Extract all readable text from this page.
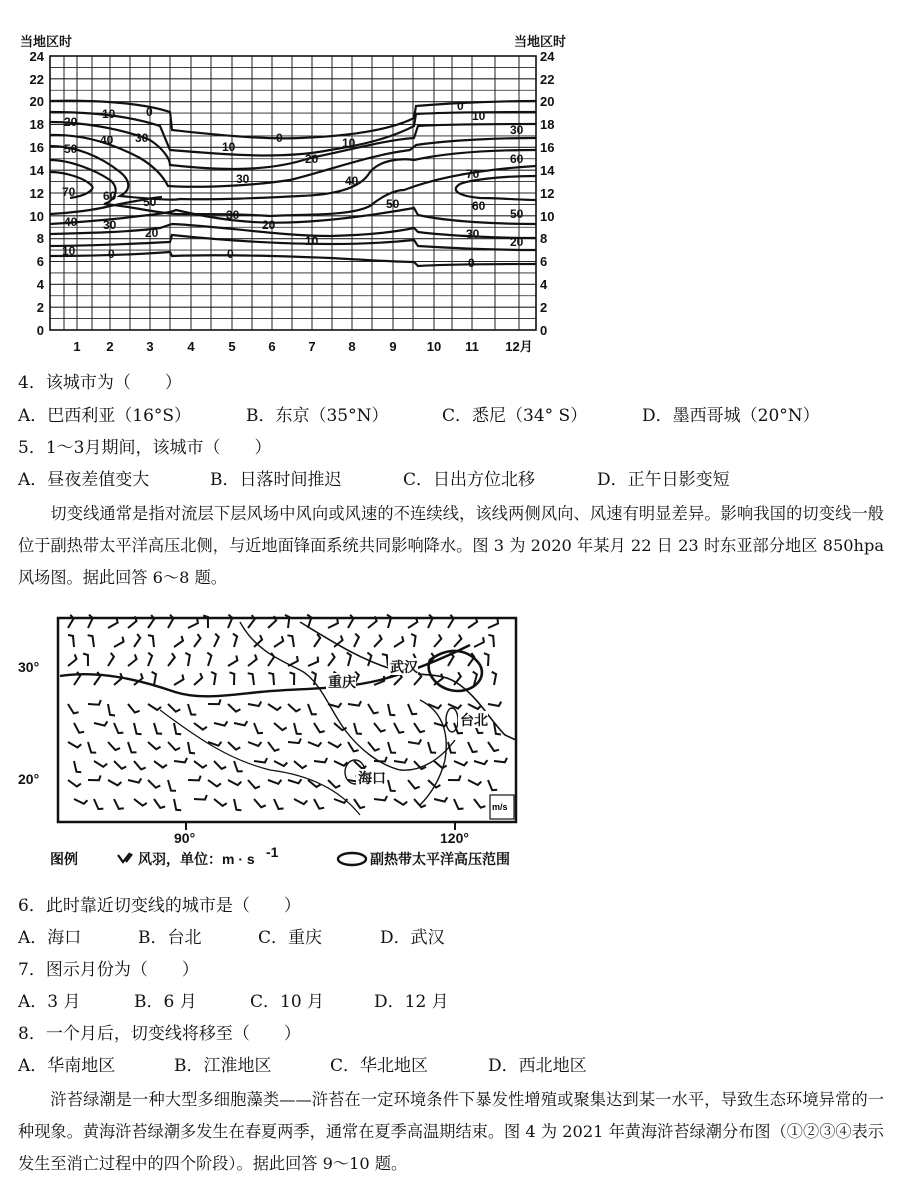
当地区时	当地区时
0
2
4
6
8
10
12
14
16
18
20
22
24
0
2
4
6
8
10
12
14
16
18
20
22
24
1 2	3	4	5	6	7	8	9 10 11 12月
0
10
20
30
40
50
70 60 50
40 30
20
10	0
0
10
20
30	40
30
20
10
0
10
50
0
10
30
60
70
60
50
30
20
0
4．该城市为（　　）
A．巴西利亚（16°S）	B．东京（35°N）	C．悉尼（34° S）	D．墨西哥城（20°N）
5．1～3月期间，该城市（　　）
A．昼夜差值变大	B．日落时间推迟	C．日出方位北移	D．正午日影变短
切变线通常是指对流层下层风场中风向或风速的不连续线，该线两侧风向、风速有明显差异。影响我国的切变线一般位于副热带太平洋高压北侧，与近地面锋面系统共同影响降水。图 3 为 2020 年某月 22 日 23 时东亚部分地区 850hpa 风场图。据此回答 6～8 题。
武汉
重庆
台北
海口
m/s
30°
20°
90°	120°
图例	风羽，单位：m · s -1	副热带太平洋高压范围
6．此时靠近切变线的城市是（　　）
A．海口	B．台北	C．重庆	D．武汉
7．图示月份为（　　）
A．3 月	B．6 月	C．10 月	D．12 月
8．一个月后，切变线将移至（　　）
A．华南地区	B．江淮地区	C．华北地区	D．西北地区
浒苔绿潮是一种大型多细胞藻类——浒苔在一定环境条件下暴发性增殖或聚集达到某一水平，导致生态环境异常的一种现象。黄海浒苔绿潮多发生在春夏两季，通常在夏季高温期结束。图 4 为 2021 年黄海浒苔绿潮分布图（①②③④表示发生至消亡过程中的四个阶段）。据此回答 9～10 题。
